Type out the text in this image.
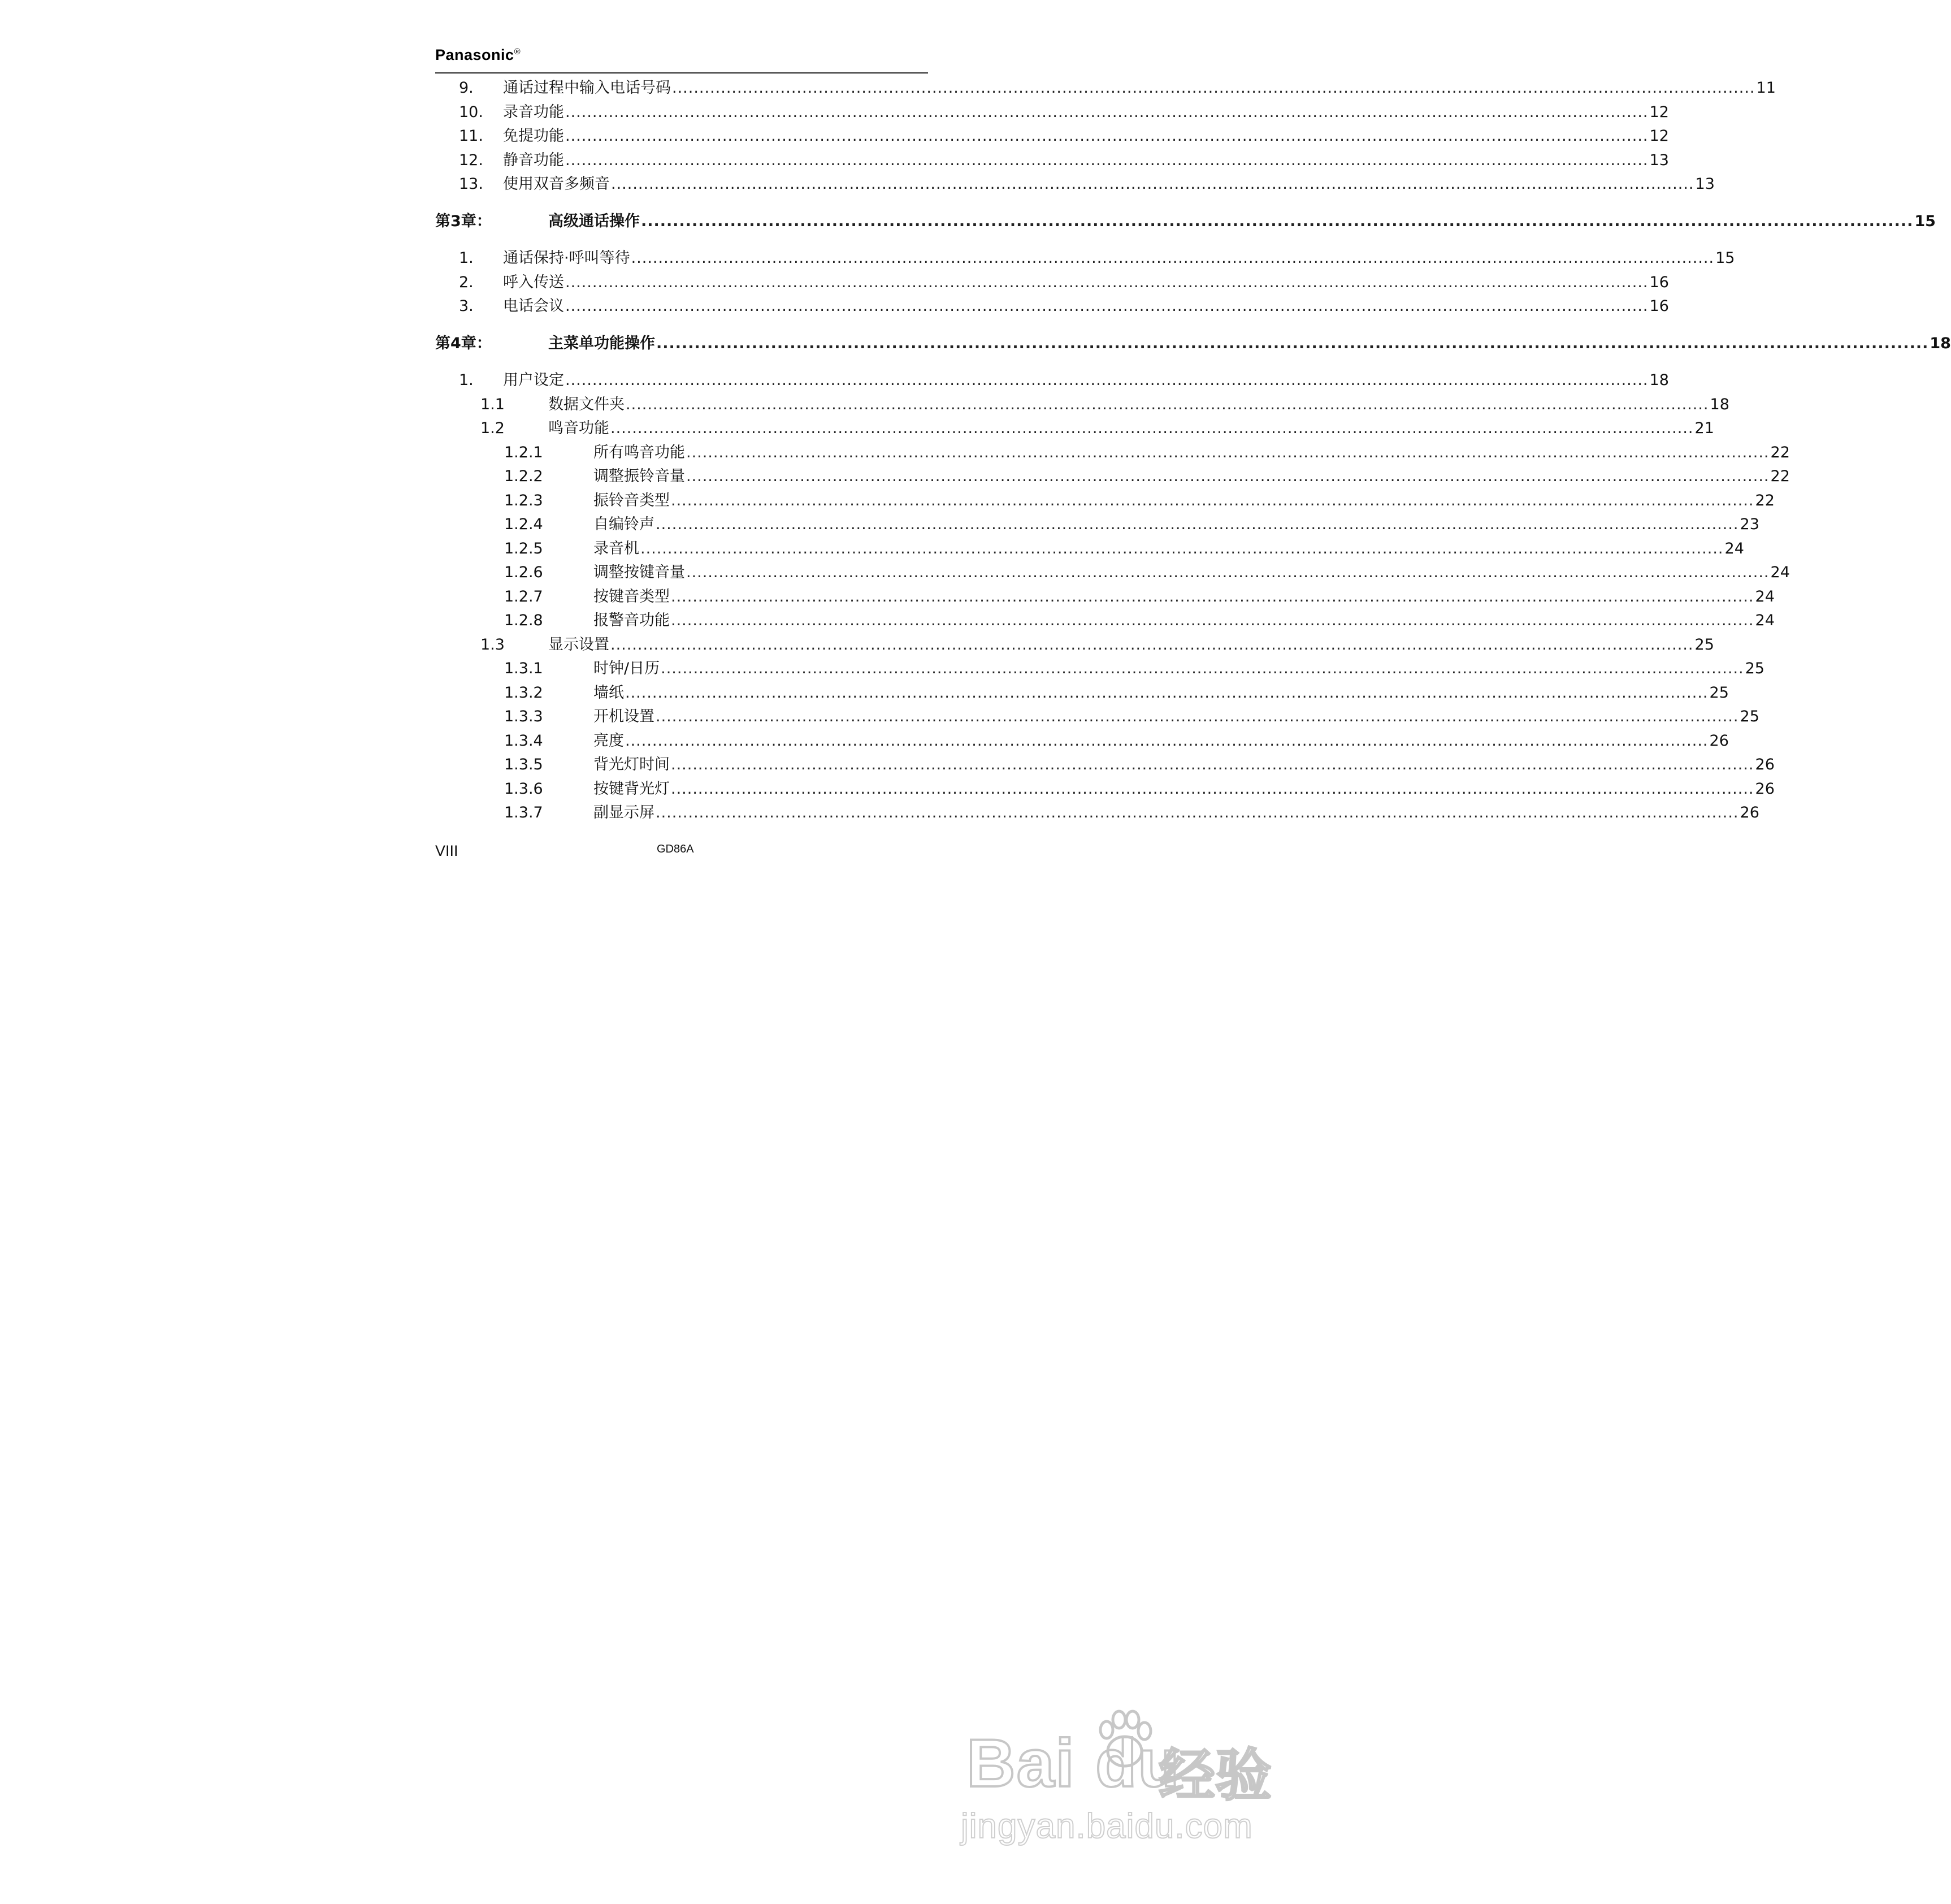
Panasonic®
9. 通话过程中输入电话号码 ........................................................................................................................................................................................................ 11
10. 录音功能 ........................................................................................................................................................................................................ 12
11. 免提功能 ........................................................................................................................................................................................................ 12
12. 静音功能 ........................................................................................................................................................................................................ 13
13. 使用双音多频音 ........................................................................................................................................................................................................ 13
第3章：	高级通话操作 ........................................................................................................................................................................................................ 15
1. 通话保持·呼叫等待 ........................................................................................................................................................................................................ 15
2. 呼入传送 ........................................................................................................................................................................................................ 16
3. 电话会议 ........................................................................................................................................................................................................ 16
第4章：	主菜单功能操作 ........................................................................................................................................................................................................ 18
1. 用户设定 ........................................................................................................................................................................................................ 18
1.1	数据文件夹 ........................................................................................................................................................................................................ 18
1.2	鸣音功能 ........................................................................................................................................................................................................ 21
1.2.1	所有鸣音功能 ........................................................................................................................................................................................................ 22
1.2.2	调整振铃音量 ........................................................................................................................................................................................................ 22
1.2.3	振铃音类型 ........................................................................................................................................................................................................ 22
1.2.4	自编铃声 ........................................................................................................................................................................................................ 23
1.2.5	录音机 ........................................................................................................................................................................................................ 24
1.2.6	调整按键音量 ........................................................................................................................................................................................................ 24
1.2.7	按键音类型 ........................................................................................................................................................................................................ 24
1.2.8	报警音功能 ........................................................................................................................................................................................................ 24
1.3	显示设置 ........................................................................................................................................................................................................ 25
1.3.1	时钟/日历 ........................................................................................................................................................................................................ 25
1.3.2	墙纸 ........................................................................................................................................................................................................ 25
1.3.3	开机设置 ........................................................................................................................................................................................................ 25
1.3.4	亮度 ........................................................................................................................................................................................................ 26
1.3.5	背光灯时间 ........................................................................................................................................................................................................ 26
1.3.6	按键背光灯 ........................................................................................................................................................................................................ 26
1.3.7	副显示屏 ........................................................................................................................................................................................................ 26
VIII	GD86A
Bai du
经验
jingyan.baidu.com
